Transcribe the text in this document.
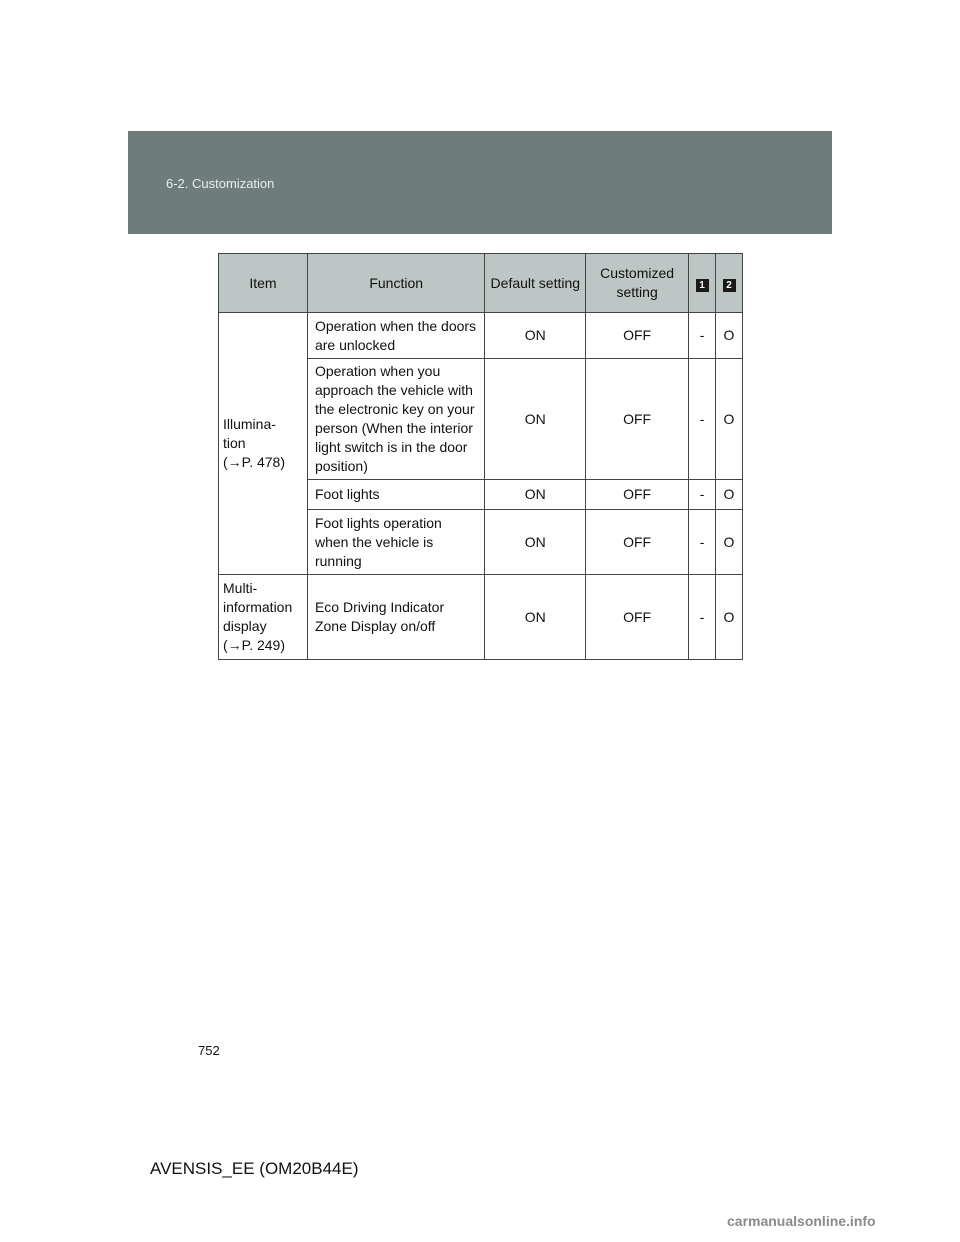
6-2. Customization
Item	Function	Default setting	Customized setting	1	2
Illumina-
tion
(→P. 478)	Operation when the doors are unlocked	ON	OFF	-	O
	Operation when you approach the vehicle with the electronic key on your person (When the interior light switch is in the door position)	ON	OFF	-	O
	Foot lights	ON	OFF	-	O
	Foot lights operation when the vehicle is running	ON	OFF	-	O
Multi-
information
display
(→P. 249)	Eco Driving Indicator Zone Display on/off	ON	OFF	-	O
752
AVENSIS_EE (OM20B44E)
carmanualsonline.info
